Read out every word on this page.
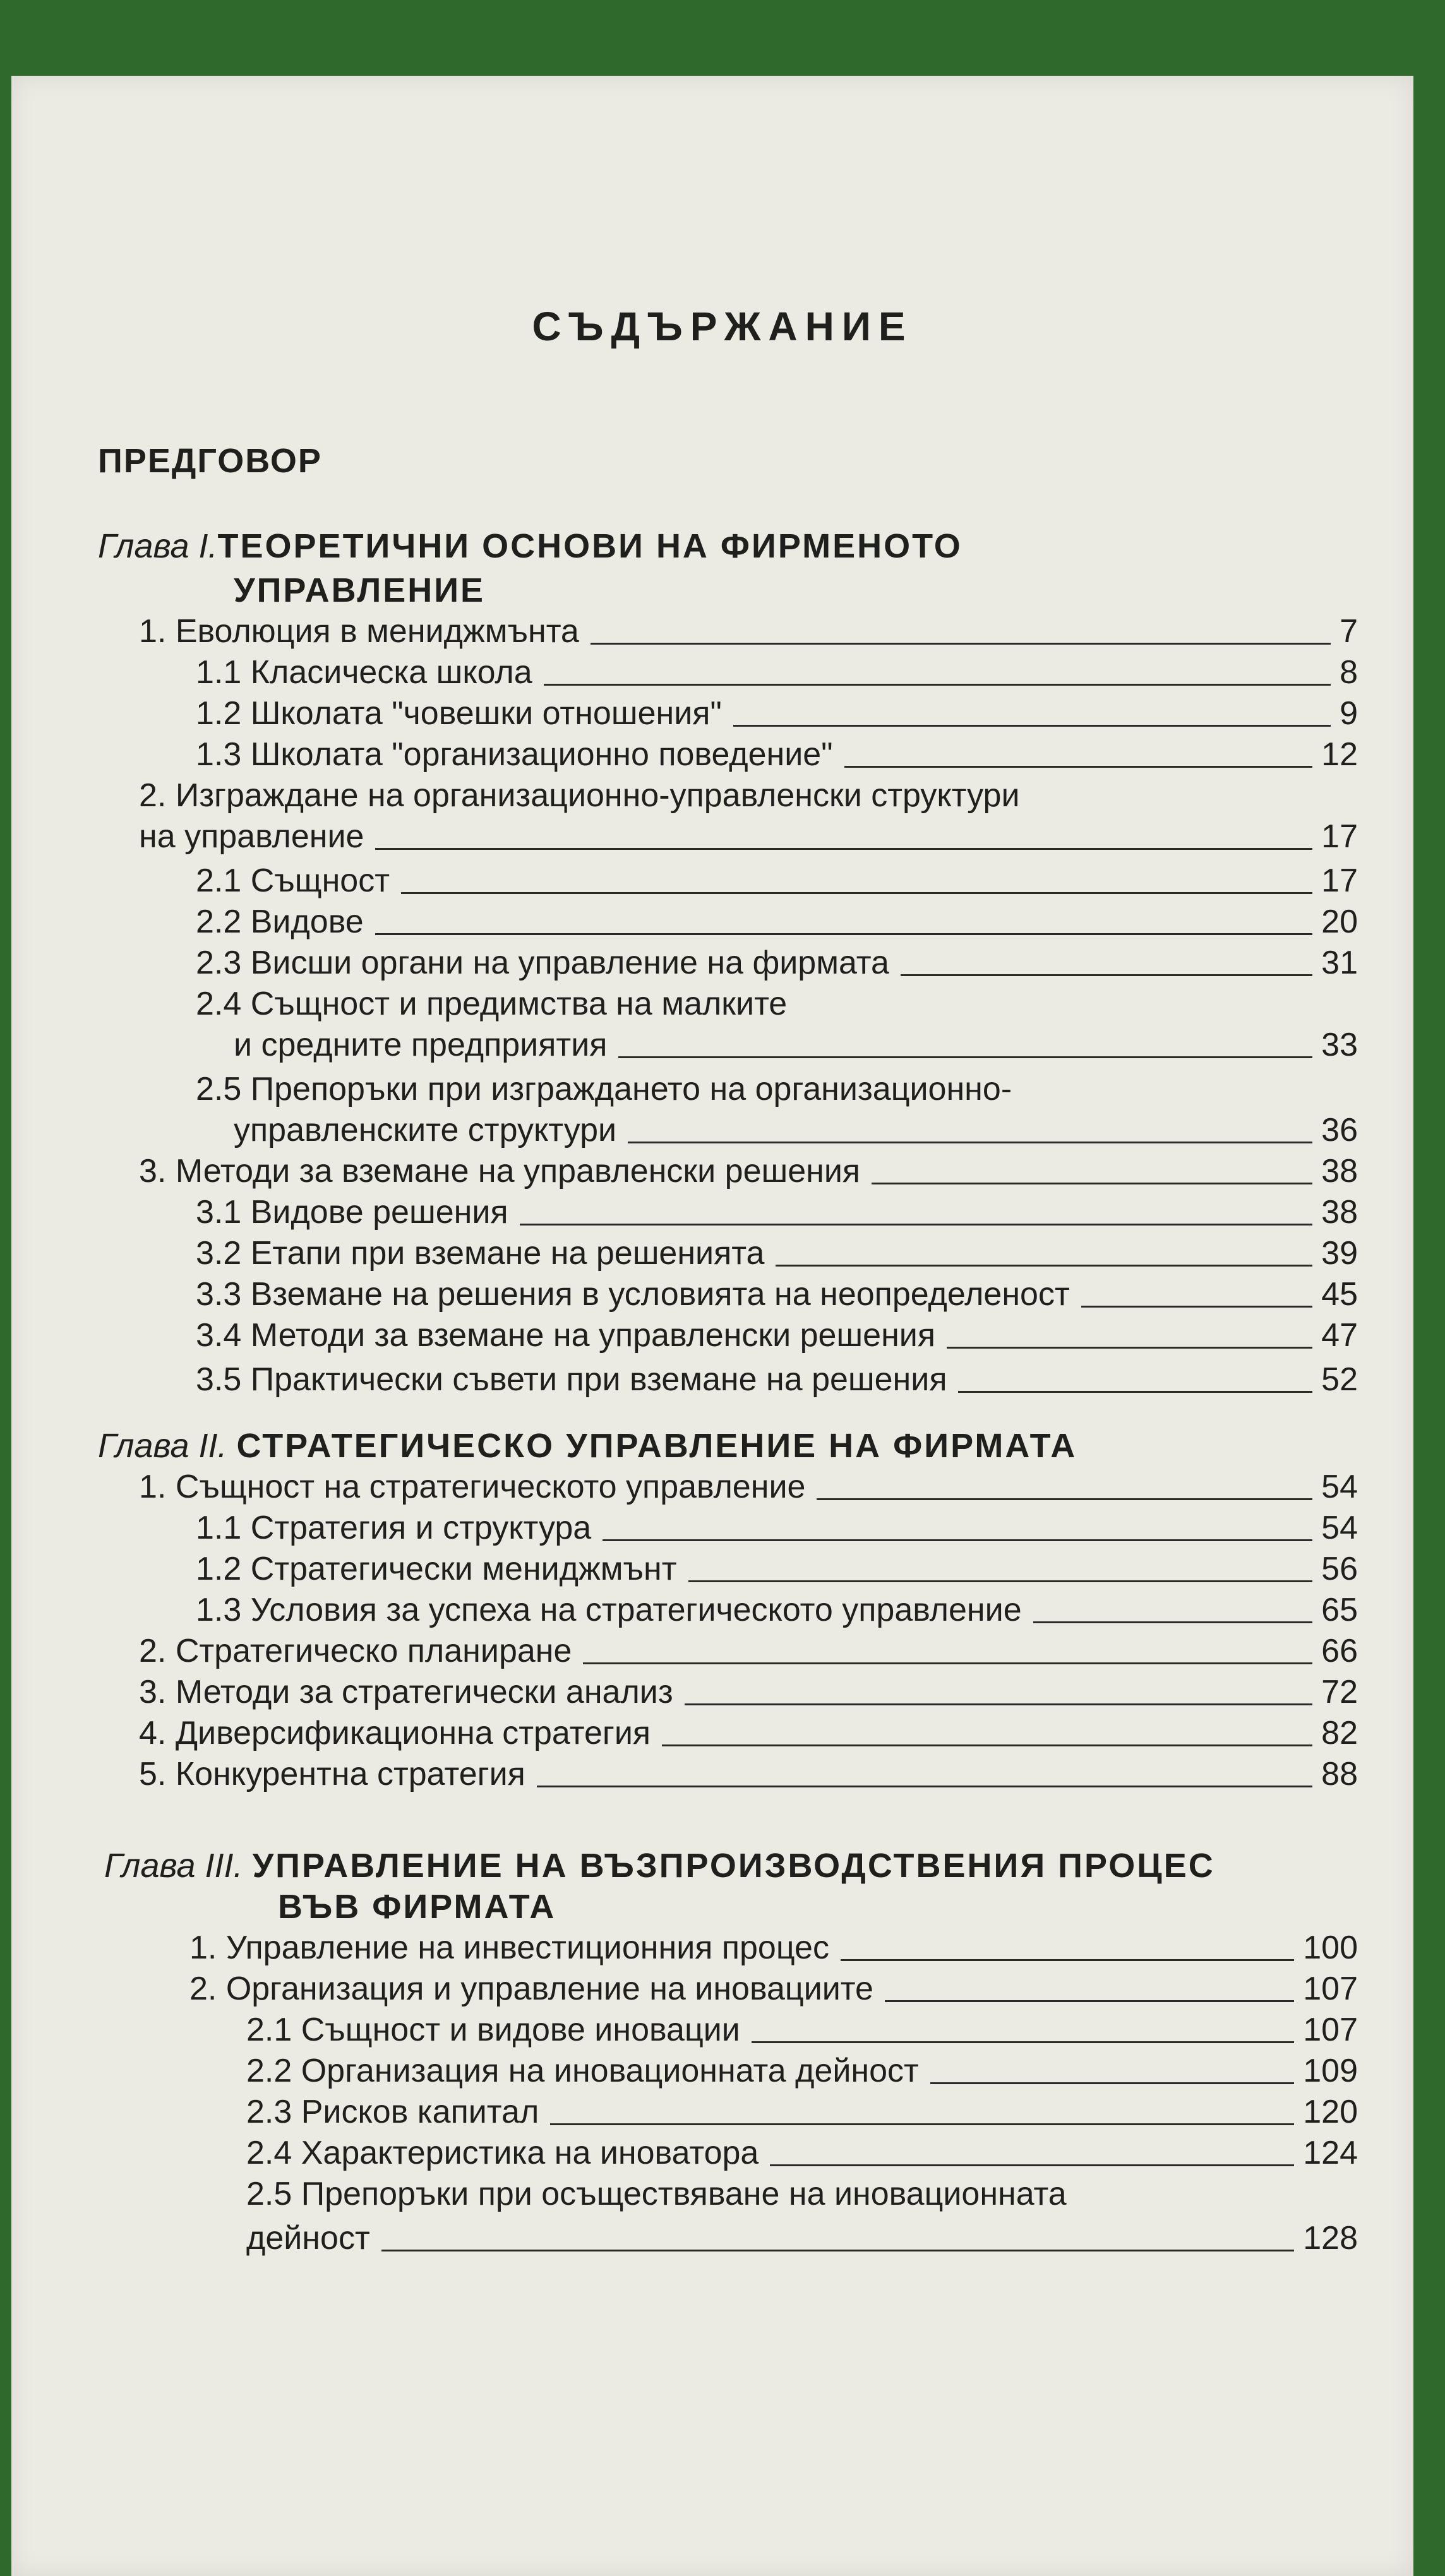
СЪДЪРЖАНИЕ
ПРЕДГОВОР
Глава I.ТЕОРЕТИЧНИ ОСНОВИ НА ФИРМЕНОТО
УПРАВЛЕНИЕ
1. Еволюция в мениджмънта	7
1.1 Класическа школа	8
1.2 Школата "човешки отношения"	9
1.3 Школата "организационно поведение"	12
2. Изграждане на организационно-управленски структури
на управление	17
2.1 Същност	17
2.2 Видове	20
2.3 Висши органи на управление на фирмата	31
2.4 Същност и предимства на малките
и средните предприятия	33
2.5 Препоръки при изграждането на организационно-
управленските структури	36
3. Методи за вземане на управленски решения	38
3.1 Видове решения	38
3.2 Етапи при вземане на решенията	39
3.3 Вземане на решения в условията на неопределеност	45
3.4 Методи за вземане на управленски решения	47
3.5 Практически съвети при вземане на решения	52
Глава II. СТРАТЕГИЧЕСКО УПРАВЛЕНИЕ НА ФИРМАТА
1. Същност на стратегическото управление	54
1.1 Стратегия и структура	54
1.2 Стратегически мениджмънт	56
1.3 Условия за успеха на стратегическото управление	65
2. Стратегическо планиране	66
3. Методи за стратегически анализ	72
4. Диверсификационна стратегия	82
5. Конкурентна стратегия	88
Глава III. УПРАВЛЕНИЕ НА ВЪЗПРОИЗВОДСТВЕНИЯ ПРОЦЕС
ВЪВ ФИРМАТА
1. Управление на инвестиционния процес	100
2. Организация и управление на иновациите	107
2.1 Същност и видове иновации	107
2.2 Организация на иновационната дейност	109
2.3 Рисков капитал	120
2.4 Характеристика на иноватора	124
2.5 Препоръки при осъществяване на иновационната
дейност	128
